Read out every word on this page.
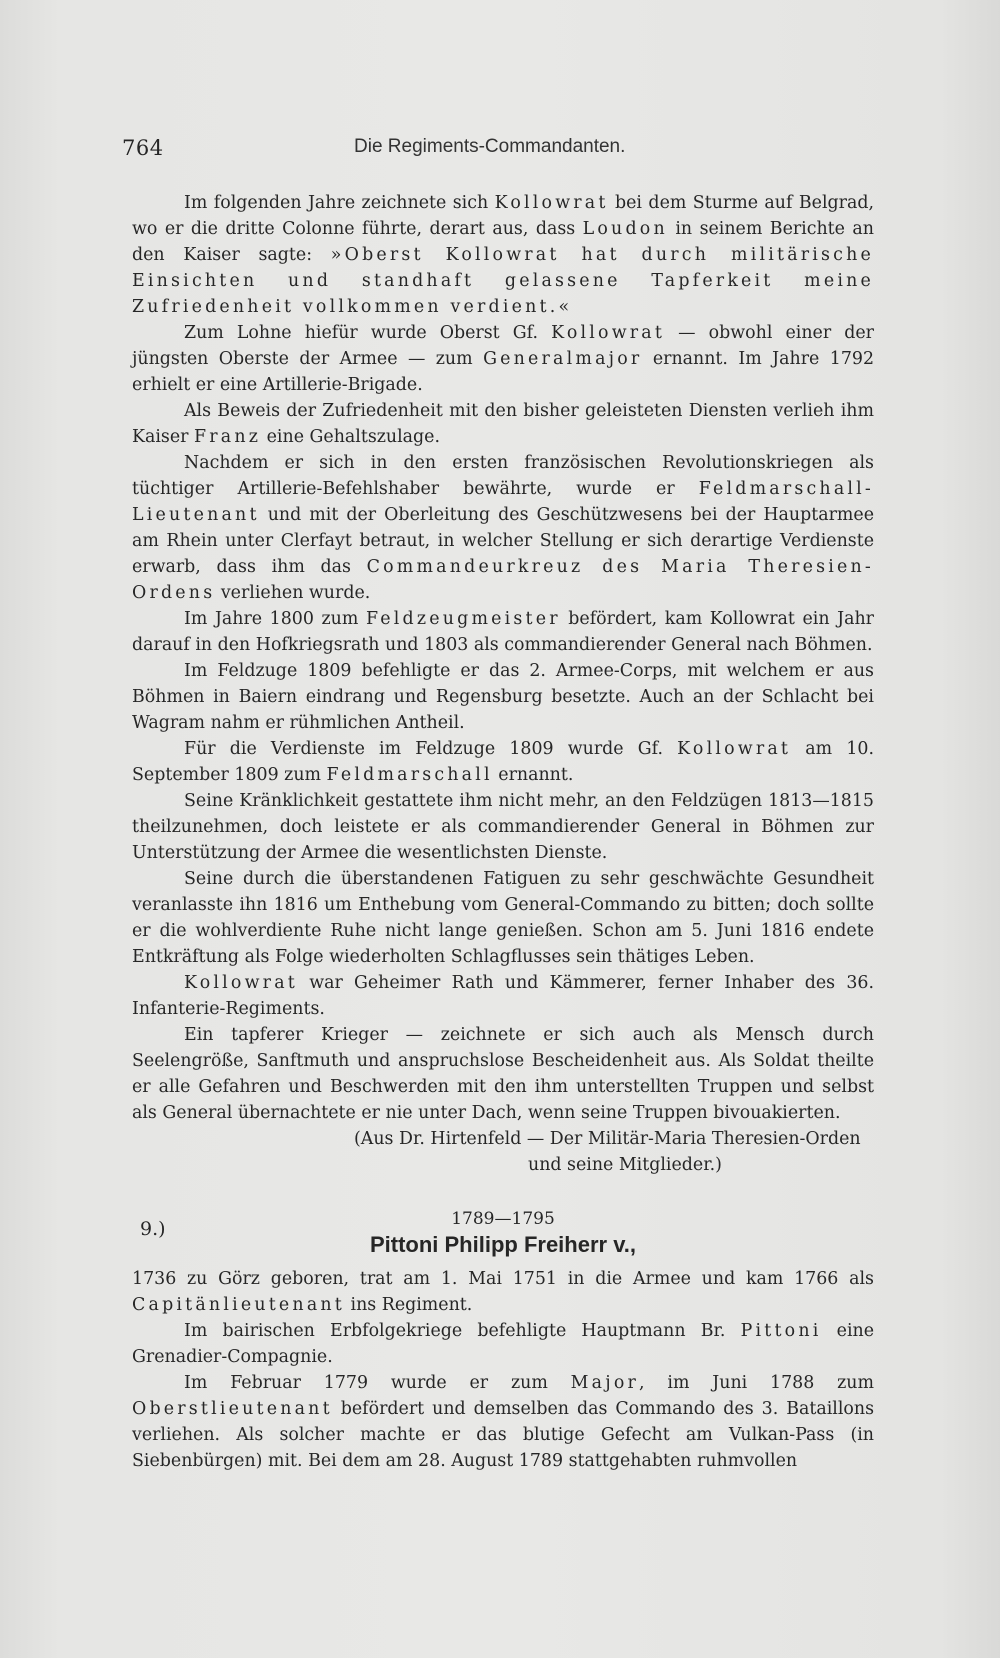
764	Die Regiments-Commandanten.

Im folgenden Jahre zeichnete sich Kollowrat bei dem Sturme auf Belgrad, wo er die dritte Colonne führte, derart aus, dass Loudon in seinem Berichte an den Kaiser sagte: »Oberst Kollowrat hat durch militärische Einsichten und standhaft gelassene Tapferkeit meine Zufriedenheit vollkommen verdient.«

Zum Lohne hiefür wurde Oberst Gf. Kollowrat — obwohl einer der jüngsten Oberste der Armee — zum Generalmajor ernannt. Im Jahre 1792 erhielt er eine Artillerie-Brigade.

Als Beweis der Zufriedenheit mit den bisher geleisteten Diensten verlieh ihm Kaiser Franz eine Gehaltszulage.

Nachdem er sich in den ersten französischen Revolutionskriegen als tüchtiger Artillerie-Befehlshaber bewährte, wurde er Feldmarschall-Lieutenant und mit der Oberleitung des Geschützwesens bei der Hauptarmee am Rhein unter Clerfayt betraut, in welcher Stellung er sich derartige Verdienste erwarb, dass ihm das Commandeurkreuz des Maria Theresien-Ordens verliehen wurde.

Im Jahre 1800 zum Feldzeugmeister befördert, kam Kollowrat ein Jahr darauf in den Hofkriegsrath und 1803 als commandierender General nach Böhmen.

Im Feldzuge 1809 befehligte er das 2. Armee-Corps, mit welchem er aus Böhmen in Baiern eindrang und Regensburg besetzte. Auch an der Schlacht bei Wagram nahm er rühmlichen Antheil.

Für die Verdienste im Feldzuge 1809 wurde Gf. Kollowrat am 10. September 1809 zum Feldmarschall ernannt.

Seine Kränklichkeit gestattete ihm nicht mehr, an den Feldzügen 1813—1815 theilzunehmen, doch leistete er als commandierender General in Böhmen zur Unterstützung der Armee die wesentlichsten Dienste.

Seine durch die überstandenen Fatiguen zu sehr geschwächte Gesundheit veranlasste ihn 1816 um Enthebung vom General-Commando zu bitten; doch sollte er die wohlverdiente Ruhe nicht lange genießen. Schon am 5. Juni 1816 endete Entkräftung als Folge wiederholten Schlagflusses sein thätiges Leben.

Kollowrat war Geheimer Rath und Kämmerer, ferner Inhaber des 36. Infanterie-Regiments.

Ein tapferer Krieger — zeichnete er sich auch als Mensch durch Seelengröße, Sanftmuth und anspruchslose Bescheidenheit aus. Als Soldat theilte er alle Gefahren und Beschwerden mit den ihm unterstellten Truppen und selbst als General übernachtete er nie unter Dach, wenn seine Truppen bivouakierten.

(Aus Dr. Hirtenfeld — Der Militär-Maria Theresien-Orden
und seine Mitglieder.)

9.)	1789—1795
Pittoni Philipp Freiherr v.,

1736 zu Görz geboren, trat am 1. Mai 1751 in die Armee und kam 1766 als Capitänlieutenant ins Regiment.

Im bairischen Erbfolgekriege befehligte Hauptmann Br. Pittoni eine Grenadier-Compagnie.

Im Februar 1779 wurde er zum Major, im Juni 1788 zum Oberstlieutenant befördert und demselben das Commando des 3. Bataillons verliehen. Als solcher machte er das blutige Gefecht am Vulkan-Pass (in Siebenbürgen) mit. Bei dem am 28. August 1789 stattgehabten ruhmvollen
